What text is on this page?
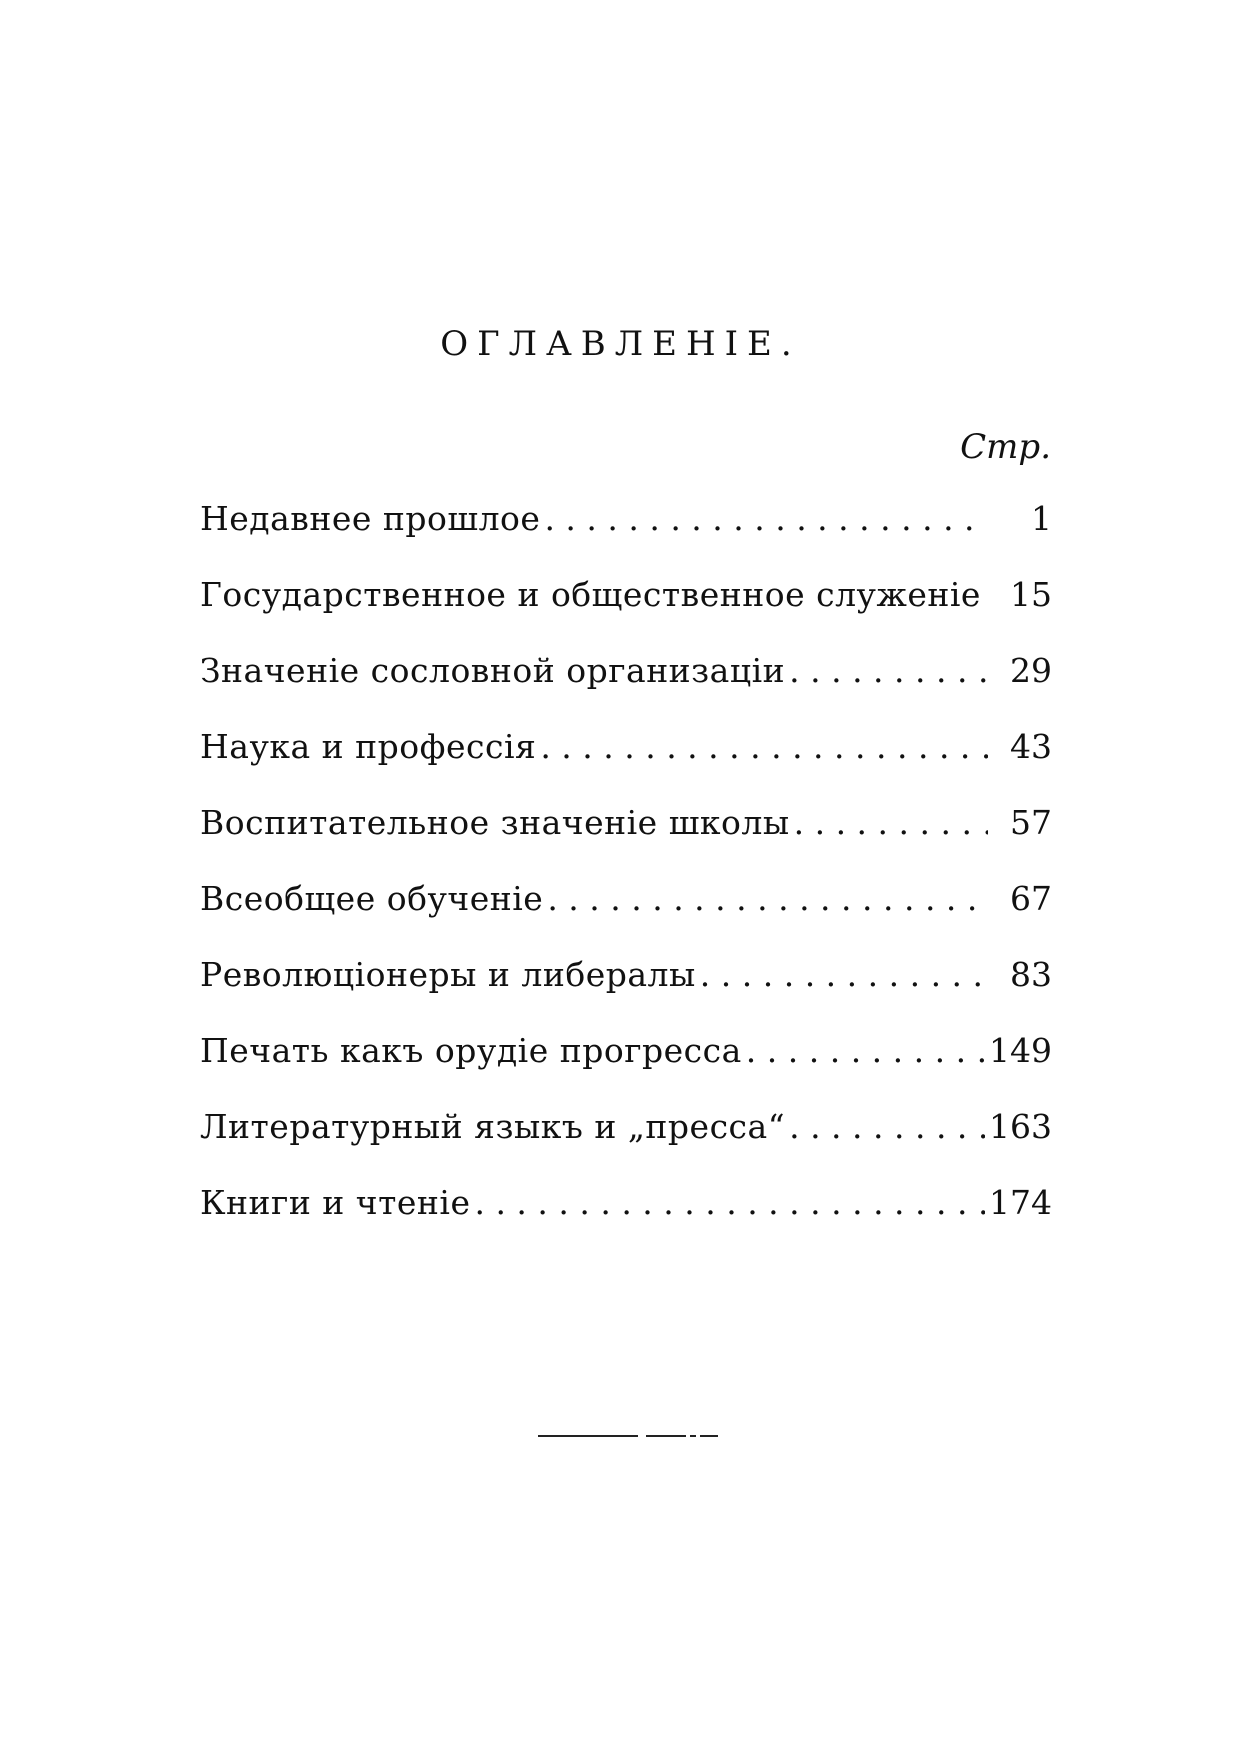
ОГЛАВЛЕНIЕ.
Стр.
Недавнее прошлое . . .	1
Государственное и общественное служенiе . . . 15
Значенiе сословной организацiи . . .	29
Наука и профессiя . . .	43
Воспитательное значенiе школы . . .	57
Всеобщее обученiе . . .	67
Революцiонеры и либералы . . .	83
Печать какъ орудiе прогресса . . .	149
Литературный языкъ и „пресса“ . . .	163
Книги и чтенiе . . .	174
